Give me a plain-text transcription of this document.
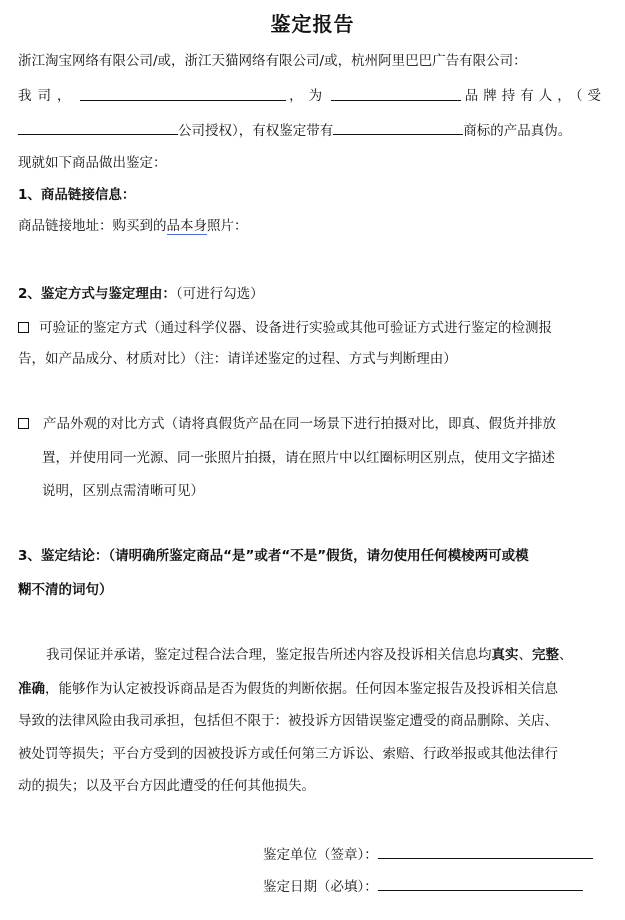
鉴定报告
浙江淘宝网络有限公司/或，浙江天猫网络有限公司/或，杭州阿里巴巴广告有限公司：
我司，	，为	品牌持有人，（受
公司授权），有权鉴定带有	商标的产品真伪。
现就如下商品做出鉴定：
1、商品链接信息：
商品链接地址：购买到的品本身照片：
2、鉴定方式与鉴定理由：（可进行勾选）
可验证的鉴定方式（通过科学仪器、设备进行实验或其他可验证方式进行鉴定的检测报
告，如产品成分、材质对比）（注：请详述鉴定的过程、方式与判断理由）
产品外观的对比方式（请将真假货产品在同一场景下进行拍摄对比，即真、假货并排放
置，并使用同一光源、同一张照片拍摄，请在照片中以红圈标明区别点，使用文字描述
说明，区别点需清晰可见）
3、鉴定结论：（请明确所鉴定商品“是”或者“不是”假货，请勿使用任何模棱两可或模
糊不清的词句）
我司保证并承诺，鉴定过程合法合理，鉴定报告所述内容及投诉相关信息均真实、完整、
准确，能够作为认定被投诉商品是否为假货的判断依据。任何因本鉴定报告及投诉相关信息
导致的法律风险由我司承担，包括但不限于：被投诉方因错误鉴定遭受的商品删除、关店、
被处罚等损失；平台方受到的因被投诉方或任何第三方诉讼、索赔、行政举报或其他法律行
动的损失；以及平台方因此遭受的任何其他损失。
鉴定单位（签章）：
鉴定日期（必填）：
